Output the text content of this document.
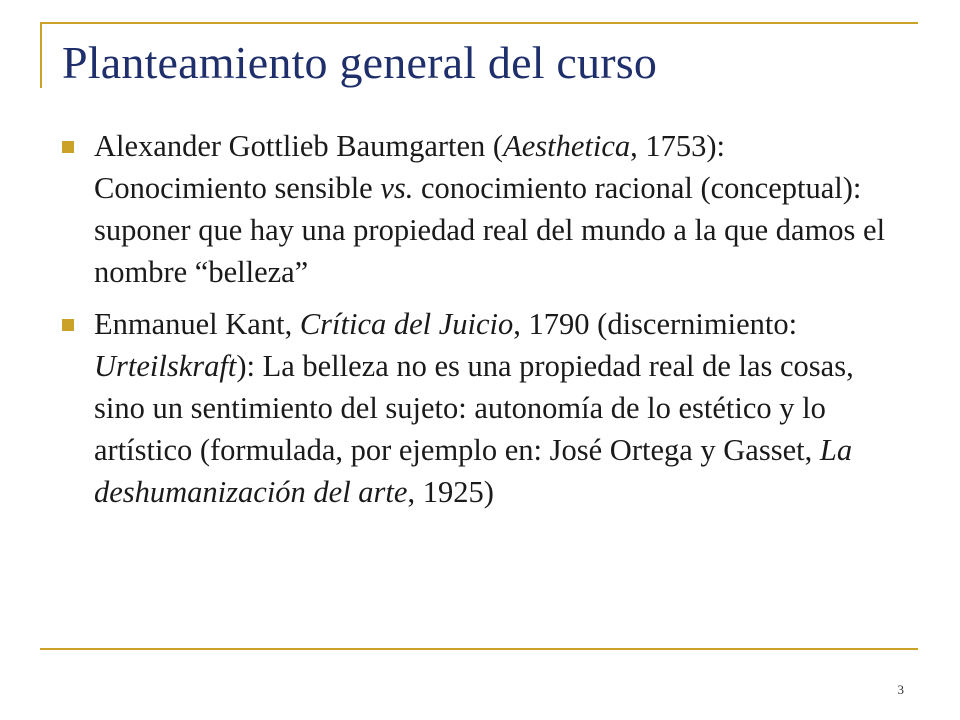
Planteamiento general del curso
Alexander Gottlieb Baumgarten (Aesthetica, 1753): Conocimiento sensible vs. conocimiento racional (conceptual): suponer que hay una propiedad real del mundo a la que damos el nombre “belleza”
Enmanuel Kant, Crítica del Juicio, 1790 (discernimiento: Urteilskraft): La belleza no es una propiedad real de las cosas, sino un sentimiento del sujeto: autonomía de lo estético y lo artístico (formulada, por ejemplo en: José Ortega y Gasset, La deshumanización del arte, 1925)
3
